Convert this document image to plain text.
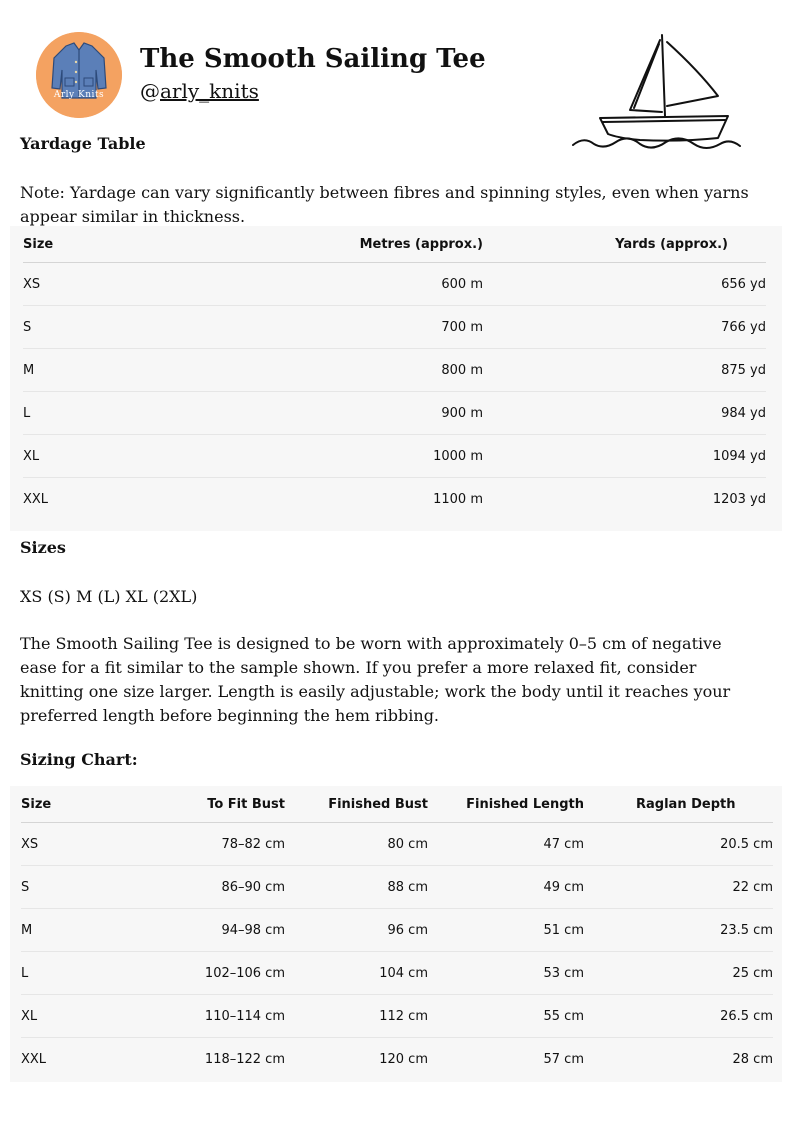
Arly Knits
The Smooth Sailing Tee
@arly_knits
Yardage Table

Note: Yardage can vary significantly between fibres and spinning styles, even when yarns appear similar in thickness.

Size	Metres (approx.)	Yards (approx.)
XS	600 m	656 yd
S	700 m	766 yd
M	800 m	875 yd
L	900 m	984 yd
XL	1000 m	1094 yd
XXL	1100 m	1203 yd
Sizes

XS (S) M (L) XL (2XL)

The Smooth Sailing Tee is designed to be worn with approximately 0–5 cm of negative ease for a fit similar to the sample shown. If you prefer a more relaxed fit, consider knitting one size larger. Length is easily adjustable; work the body until it reaches your preferred length before beginning the hem ribbing.

Sizing Chart:
Size	To Fit Bust	Finished Bust	Finished Length	Raglan Depth
XS	78–82 cm	80 cm	47 cm	20.5 cm
S	86–90 cm	88 cm	49 cm	22 cm
M	94–98 cm	96 cm	51 cm	23.5 cm
L	102–106 cm	104 cm	53 cm	25 cm
XL	110–114 cm	112 cm	55 cm	26.5 cm
XXL	118–122 cm	120 cm	57 cm	28 cm
